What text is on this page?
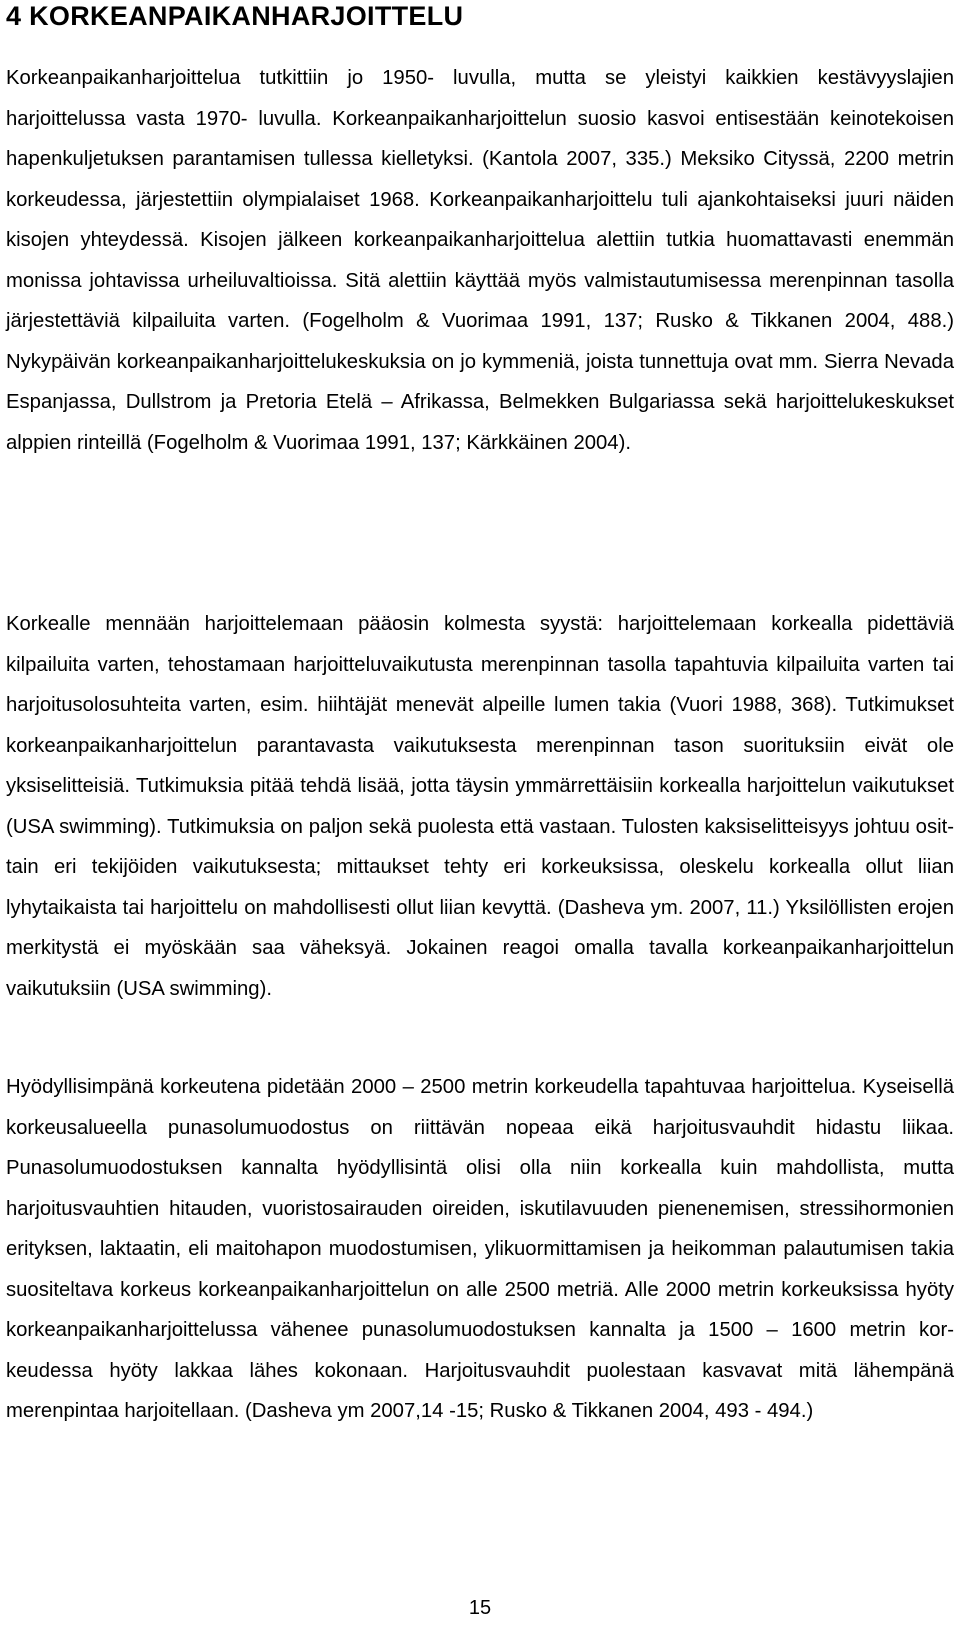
4 KORKEANPAIKANHARJOITTELU

Korkeanpaikanharjoittelua tutkittiin jo 1950- luvulla, mutta se yleistyi kaikkien kestävyyslajien harjoittelussa vasta 1970- luvulla. Korkeanpaikanharjoittelun suosio kasvoi entisestään keinotekoisen hapenkuljetuksen parantamisen tullessa kielletyksi. (Kantola 2007, 335.) Meksiko Cityssä, 2200 metrin korkeudessa, järjestettiin olympialaiset 1968. Korkeanpaikanharjoittelu tuli ajankohtaiseksi juuri näiden kisojen yhteydessä. Kisojen jälkeen korkeanpaikanharjoittelua alettiin tutkia huomattavasti enemmän monissa johtavissa urheiluvaltioissa. Sitä alettiin käyttää myös valmistautumisessa merenpinnan tasolla järjestettäviä kilpailuita varten. (Fogelholm & Vuorimaa 1991, 137; Rusko & Tikkanen 2004, 488.) Nykypäivän korkeanpaikanharjoittelukeskuksia on jo kymmeniä, joista tunnettuja ovat mm. Sierra Nevada Espanjassa, Dullstrom ja Pretoria Etelä – Afrikassa, Belmekken Bulgariassa sekä harjoittelukeskukset alppien rinteillä (Fogelholm & Vuorimaa 1991, 137; Kärkkäinen 2004).

Korkealle mennään harjoittelemaan pääosin kolmesta syystä: harjoittelemaan korkealla pidettäviä kilpailuita varten, tehostamaan harjoitteluvaikutusta merenpinnan tasolla tapahtuvia kilpailuita varten tai harjoitusolosuhteita varten, esim. hiihtäjät menevät alpeille lumen takia (Vuori 1988, 368). Tutkimukset korkeanpaikanharjoittelun parantavasta vaikutuksesta merenpinnan tason suorituksiin eivät ole yksiselitteisiä. Tutkimuksia pitää tehdä lisää, jotta täysin ymmärrettäisiin korkealla harjoittelun vaikutukset (USA swimming). Tutkimuksia on paljon sekä puolesta että vastaan. Tulosten kaksiselitteisyys johtuu osittain eri tekijöiden vaikutuksesta; mittaukset tehty eri korkeuksissa, oleskelu korkealla ollut liian lyhytaikaista tai harjoittelu on mahdollisesti ollut liian kevyttä. (Dasheva ym. 2007, 11.) Yksilöllisten erojen merkitystä ei myöskään saa väheksyä. Jokainen reagoi omalla tavalla korkeanpaikanharjoittelun vaikutuksiin (USA swimming).

Hyödyllisimpänä korkeutena pidetään 2000 – 2500 metrin korkeudella tapahtuvaa harjoittelua. Kyseisellä korkeusalueella punasolumuodostus on riittävän nopeaa eikä harjoitusvauhdit hidastu liikaa. Punasolumuodostuksen kannalta hyödyllisintä olisi olla niin korkealla kuin mahdollista, mutta harjoitusvauhtien hitauden, vuoristosairauden oireiden, iskutilavuuden pienenemisen, stressihormonien erityksen, laktaatin, eli maitohapon muodostumisen, ylikuormittamisen ja heikomman palautumisen takia suositeltava korkeus korkeanpaikanharjoittelun on alle 2500 metriä. Alle 2000 metrin korkeuksissa hyöty korkeanpaikanharjoittelussa vähenee punasolumuodostuksen kannalta ja 1500 – 1600 metrin korkeudessa hyöty lakkaa lähes kokonaan. Harjoitusvauhdit puolestaan kasvavat mitä lähempänä merenpintaa harjoitellaan. (Dasheva ym 2007,14 -15; Rusko & Tikkanen 2004, 493 - 494.)

15
